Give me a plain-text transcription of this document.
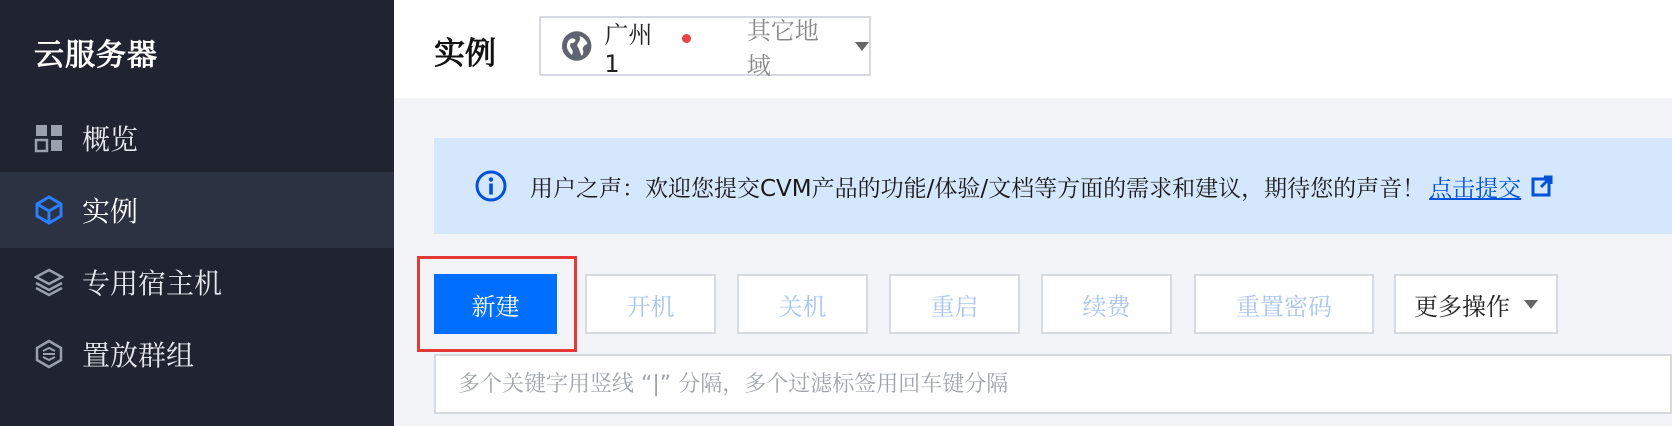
云服务器
概览
实例
专用宿主机
置放群组
实例
广州 1
其它地域
用户之声：欢迎您提交CVM产品的功能/体验/文档等方面的需求和建议，期待您的声音！ 点击提交
新建	开机	关机	重启	续费	重置密码	更多操作
多个关键字用竖线 “|” 分隔，多个过滤标签用回车键分隔
